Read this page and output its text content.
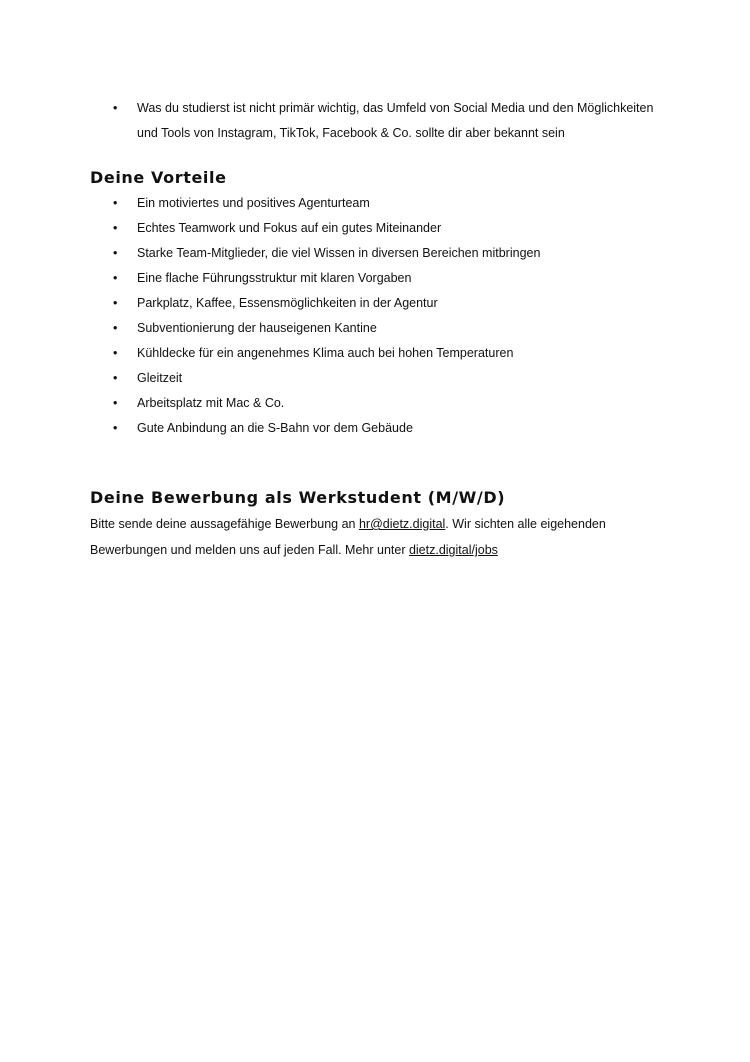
• Was du studierst ist nicht primär wichtig, das Umfeld von Social Media und den Möglichkeiten und Tools von Instagram, TikTok, Facebook & Co. sollte dir aber bekannt sein
Deine Vorteile
• Ein motiviertes und positives Agenturteam
• Echtes Teamwork und Fokus auf ein gutes Miteinander
• Starke Team-Mitglieder, die viel Wissen in diversen Bereichen mitbringen
• Eine flache Führungsstruktur mit klaren Vorgaben
• Parkplatz, Kaffee, Essensmöglichkeiten in der Agentur
• Subventionierung der hauseigenen Kantine
• Kühldecke für ein angenehmes Klima auch bei hohen Temperaturen
• Gleitzeit
• Arbeitsplatz mit Mac & Co.
• Gute Anbindung an die S-Bahn vor dem Gebäude
Deine Bewerbung als Werkstudent (M/W/D)

Bitte sende deine aussagefähige Bewerbung an hr@dietz.digital. Wir sichten alle eigehenden Bewerbungen und melden uns auf jeden Fall. Mehr unter dietz.digital/jobs
